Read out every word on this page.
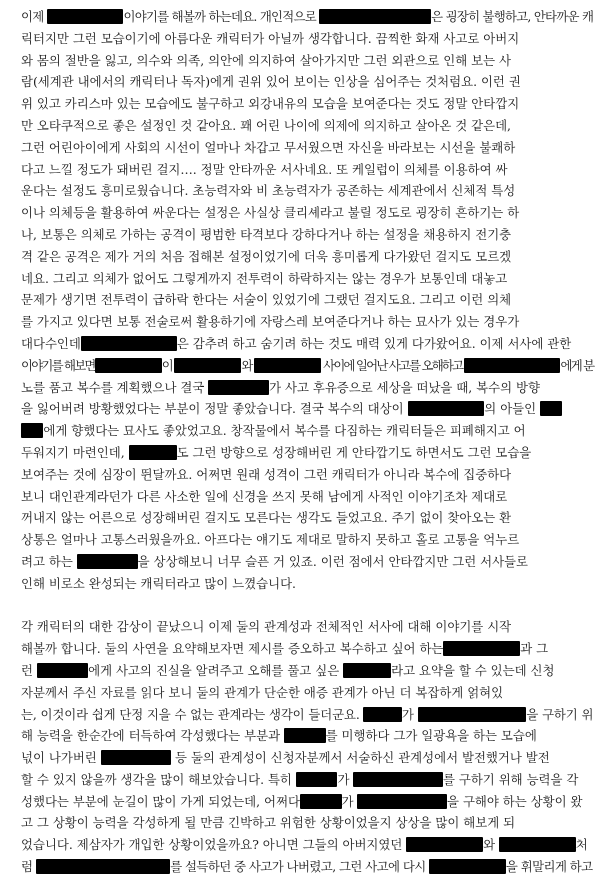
이제	이야기를 해볼까 하는데요. 개인적으로	은 굉장히 불행하고, 안타까운 캐
릭터지만 그런 모습이기에 아름다운 캐릭터가 아닐까 생각합니다. 끔찍한 화재 사고로 아버지
와 몸의 절반을 잃고, 의수와 의족, 의안에 의지하여 살아가지만 그런 외관으로 인해 보는 사
람(세계관 내에서의 캐릭터나 독자)에게 권위 있어 보이는 인상을 심어주는 것처럼요. 이런 권
위 있고 카리스마 있는 모습에도 불구하고 외강내유의 모습을 보여준다는 것도 정말 안타깝지
만 오타쿠적으로 좋은 설정인 것 같아요. 꽤 어린 나이에 의제에 의지하고 살아온 것 같은데,
그런 어린아이에게 사회의 시선이 얼마나 차갑고 무서웠으면 자신을 바라보는 시선을 불쾌하
다고 느낄 정도가 돼버린 걸지…. 정말 안타까운 서사네요. 또 케일럽이 의체를 이용하여 싸
운다는 설정도 흥미로웠습니다. 초능력자와 비 초능력자가 공존하는 세계관에서 신체적 특성
이나 의체등을 활용하여 싸운다는 설정은 사실상 클리셰라고 불릴 정도로 굉장히 흔하기는 하
나, 보통은 의체로 가하는 공격이 평범한 타격보다 강하다거나 하는 설정을 채용하지 전기충
격 같은 공격은 제가 거의 처음 접해본 설정이었기에 더욱 흥미롭게 다가왔던 걸지도 모르겠
네요. 그리고 의체가 없어도 그렇게까지 전투력이 하락하지는 않는 경우가 보통인데 대놓고
문제가 생기면 전투력이 급하락 한다는 서술이 있었기에 그랬던 걸지도요. 그리고 이런 의체
를 가지고 있다면 보통 전술로써 활용하기에 자랑스레 보여준다거나 하는 묘사가 있는 경우가
대다수인데	은 감추려 하고 숨기려 하는 것도 매력 있게 다가왔어요. 이제 서사에 관한
이야기를 해보면	이	와	사이에 일어난 사고를 오해하고	에게 분
노를 품고 복수를 계획했으나 결국	가 사고 후유증으로 세상을 떠났을 때, 복수의 방향
을 잃어버려 방황했었다는 부분이 정말 좋았습니다. 결국 복수의 대상이	의 아들인
에게 향했다는 묘사도 좋았었고요. 창작물에서 복수를 다짐하는 캐릭터들은 피폐해지고 어
두워지기 마련인데,	도 그런 방향으로 성장해버린 게 안타깝기도 하면서도 그런 모습을
보여주는 것에 심장이 뛴달까요. 어쩌면 원래 성격이 그런 캐릭터가 아니라 복수에 집중하다
보니 대인관계라던가 다른 사소한 일에 신경을 쓰지 못해 남에게 사적인 이야기조차 제대로
꺼내지 않는 어른으로 성장해버린 걸지도 모른다는 생각도 들었고요. 주기 없이 찾아오는 환
상통은 얼마나 고통스러웠을까요. 아프다는 얘기도 제대로 말하지 못하고 홀로 고통을 억누르
려고 하는	을 상상해보니 너무 슬픈 거 있죠. 이런 점에서 안타깝지만 그런 서사들로
인해 비로소 완성되는 캐릭터라고 많이 느꼈습니다.
각 캐릭터의 대한 감상이 끝났으니 이제 둘의 관계성과 전체적인 서사에 대해 이야기를 시작
해볼까 합니다. 둘의 사연을 요약해보자면 제시를 증오하고 복수하고 싶어 하는	과 그
런	에게 사고의 진실을 알려주고 오해를 풀고 싶은	라고 요약을 할 수 있는데 신청
자분께서 주신 자료를 읽다 보니 둘의 관계가 단순한 애증 관계가 아닌 더 복잡하게 얽혀있
는, 이것이라 쉽게 단정 지을 수 없는 관계라는 생각이 들더군요.	가	을 구하기 위
해 능력을 한순간에 터득하여 각성했다는 부분과	를 미행하다 그가 일광욕을 하는 모습에
넋이 나가버린	등 둘의 관계성이 신청자분께서 서술하신 관계성에서 발전했거나 발전
할 수 있지 않을까 생각을 많이 해보았습니다. 특히	가	를 구하기 위해 능력을 각
성했다는 부분에 눈길이 많이 가게 되었는데, 어쩌다	가	을 구해야 하는 상황이 왔
고 그 상황이 능력을 각성하게 될 만큼 긴박하고 위험한 상황이었을지 상상을 많이 해보게 되
었습니다. 제삼자가 개입한 상황이었을까요? 아니면 그들의 아버지였던	와	처
럼	를 설득하던 중 사고가 나버렸고, 그런 사고에 다시	을 휘말리게 하고
